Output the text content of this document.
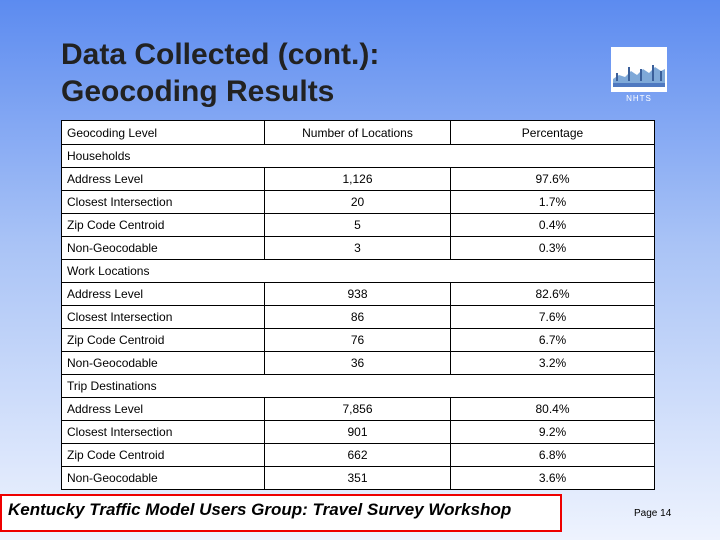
Data Collected (cont.):
Geocoding Results	NHTS
Geocoding Level	Number of Locations	Percentage
Households		
Address Level	1,126	97.6%
Closest Intersection	20	1.7%
Zip Code Centroid	5	0.4%
Non-Geocodable	3	0.3%
Work Locations		
Address Level	938	82.6%
Closest Intersection	86	7.6%
Zip Code Centroid	76	6.7%
Non-Geocodable	36	3.2%
Trip Destinations		
Address Level	7,856	80.4%
Closest Intersection	901	9.2%
Zip Code Centroid	662	6.8%
Non-Geocodable	351	3.6%
Kentucky Traffic Model Users Group: Travel Survey Workshop	Page 14
